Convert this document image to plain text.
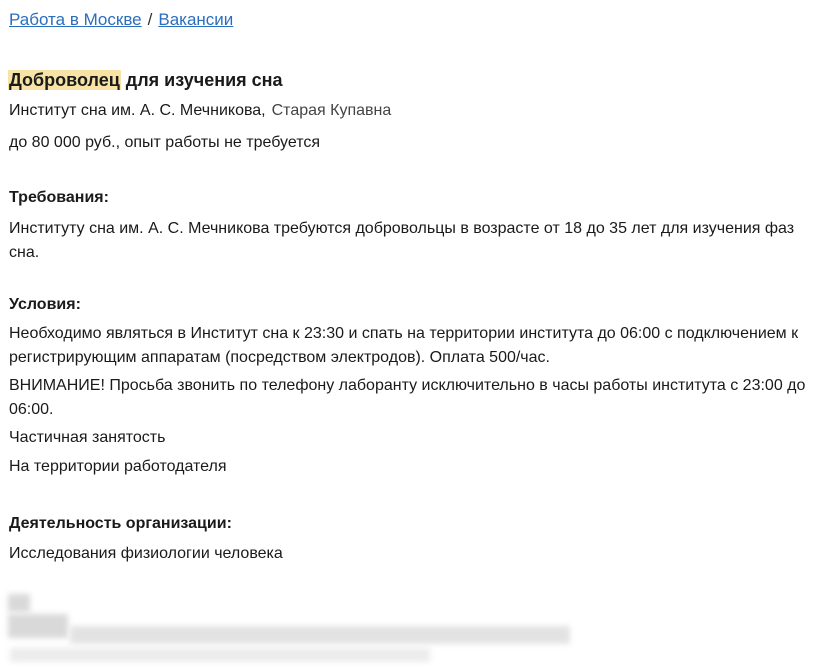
Работа в Москве / Вакансии
Доброволец для изучения сна

Институт сна им. А. С. Мечникова, Старая Купавна

до 80 000 руб., опыт работы не требуется

Требования:

Институту сна им. А. С. Мечникова требуются добровольцы в возрасте от 18 до 35 лет для изучения фаз сна.

Условия:

Необходимо являться в Институт сна к 23:30 и спать на территории института до 06:00 с подключением к регистрирующим аппаратам (посредством электродов). Оплата 500/час.

ВНИМАНИЕ! Просьба звонить по телефону лаборанту исключительно в часы работы института с 23:00 до 06:00.

Частичная занятость

На территории работодателя

Деятельность организации:

Исследования физиологии человека
